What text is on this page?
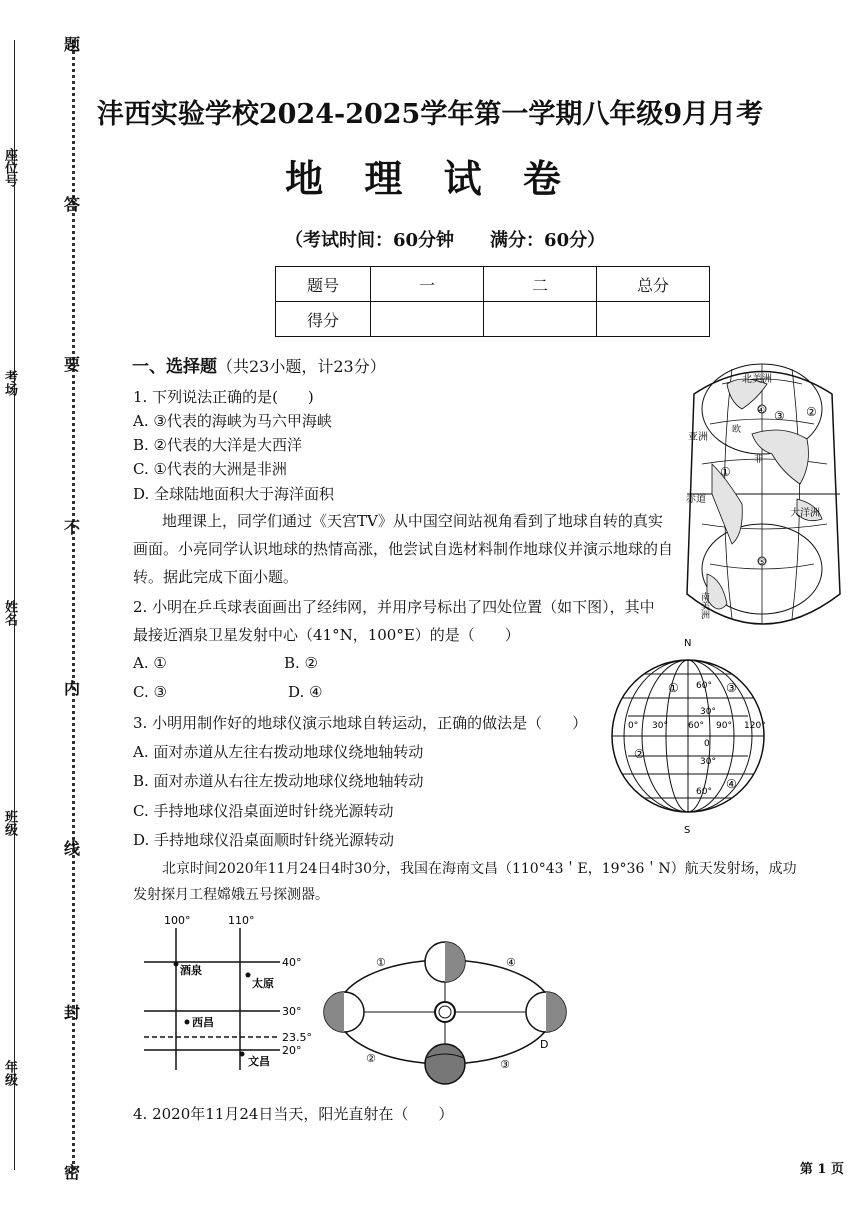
座位号
考场
姓名
班级
年级
题
答
要
不
内
线
封
密
沣西实验学校2024-2025学年第一学期八年级9月月考
地 理 试 卷
（考试时间：60分钟　　满分：60分）
题号	一	二	总分
得分			
一、选择题（共23小题，计23分）
1. 下列说法正确的是(　　)
A. ③代表的海峡为马六甲海峡
B. ②代表的大洋是大西洋
C. ①代表的大洲是非洲
D. 全球陆地面积大于海洋面积
地理课上，同学们通过《天宫TV》从中国空间站视角看到了地球自转的真实
画面。小亮同学认识地球的热情高涨，他尝试自选材料制作地球仪并演示地球的自
转。据此完成下面小题。
2. 小明在乒乓球表面画出了经纬网，并用序号标出了四处位置（如下图），其中
最接近酒泉卫星发射中心（41°N，100°E）的是（　　）
A. ①	B. ②
C. ③	D. ④
3. 小明用制作好的地球仪演示地球自转运动，正确的做法是（　　）
A. 面对赤道从左往右拨动地球仪绕地轴转动
B. 面对赤道从右往左拨动地球仪绕地轴转动
C. 手持地球仪沿桌面逆时针绕光源转动
D. 手持地球仪沿桌面顺时针绕光源转动
北京时间2020年11月24日4时30分，我国在海南文昌（110°43＇E，19°36＇N）航天发射场，成功
发射探月工程嫦娥五号探测器。
4. 2020年11月24日当天，阳光直射在（　　）
北美洲
亚洲
欧
非
赤道
大洋洲
南美洲
①
②
③
④
⑤
N
S
①
②
③
④
60°
30°
0
30°
60°
0° 30° 60° 90° 120°
100°	110°
40°
30°
23.5°
20°
酒泉
太原
西昌
文昌
①
②	③
④
D
第 1 页
